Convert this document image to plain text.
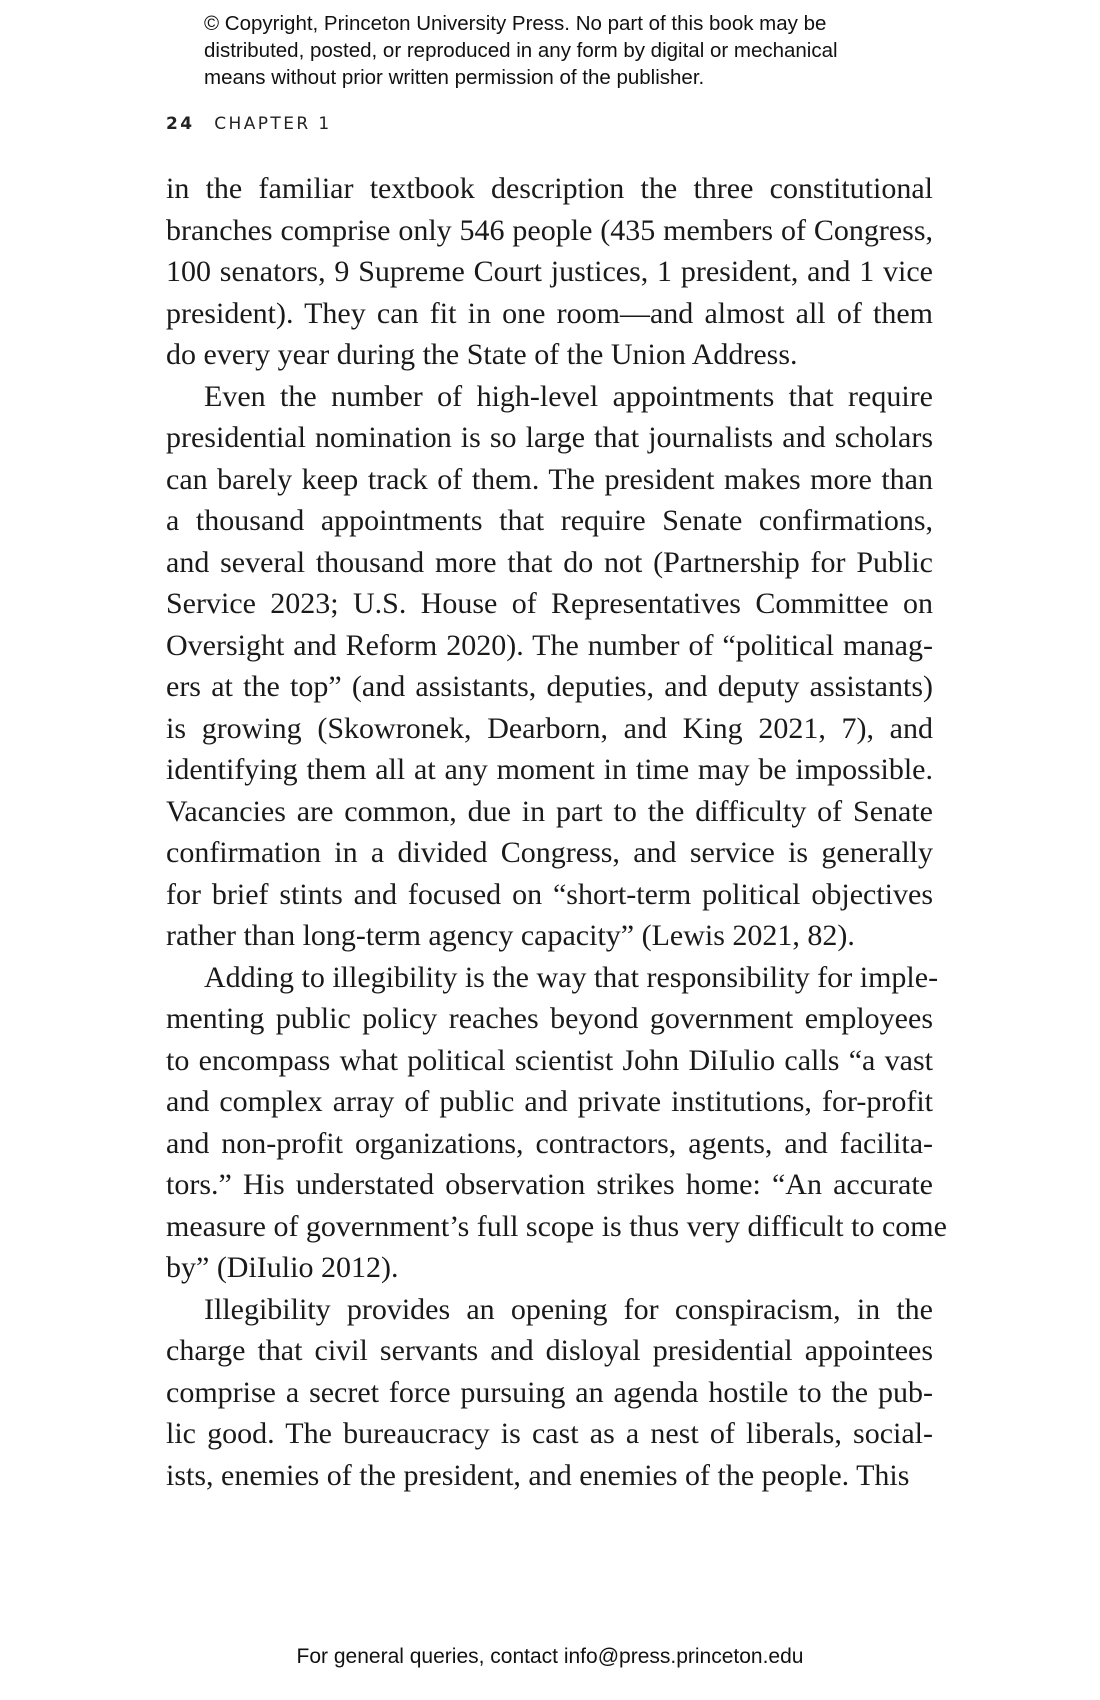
© Copyright, Princeton University Press. No part of this book may be
distributed, posted, or reproduced in any form by digital or mechanical
means without prior written permission of the publisher.
24 CHAPTER 1
in the familiar textbook description the three constitutional
branches comprise only 546 people (435 members of Congress,
100 senators, 9 Supreme Court justices, 1 president, and 1 vice
president). They can fit in one room—and almost all of them
do every year during the State of the Union Address.
Even the number of high-level appointments that require
presidential nomination is so large that journalists and scholars
can barely keep track of them. The president makes more than
a thousand appointments that require Senate confirmations,
and several thousand more that do not (Partnership for Public
Service 2023; U.S. House of Representatives Committee on
Oversight and Reform 2020). The number of “political manag-
ers at the top” (and assistants, deputies, and deputy assistants)
is growing (Skowronek, Dearborn, and King 2021, 7), and
identifying them all at any moment in time may be impossible.
Vacancies are common, due in part to the difficulty of Senate
confirmation in a divided Congress, and service is generally
for brief stints and focused on “short-term political objectives
rather than long-term agency capacity” (Lewis 2021, 82).
Adding to illegibility is the way that responsibility for imple-
menting public policy reaches beyond government employees
to encompass what political scientist John DiIulio calls “a vast
and complex array of public and private institutions, for-profit
and non-profit organizations, contractors, agents, and facilita-
tors.” His understated observation strikes home: “An accurate
measure of government’s full scope is thus very difficult to come
by” (DiIulio 2012).
Illegibility provides an opening for conspiracism, in the
charge that civil servants and disloyal presidential appointees
comprise a secret force pursuing an agenda hostile to the pub-
lic good. The bureaucracy is cast as a nest of liberals, social-
ists, enemies of the president, and enemies of the people. This
For general queries, contact info@press.princeton.edu
